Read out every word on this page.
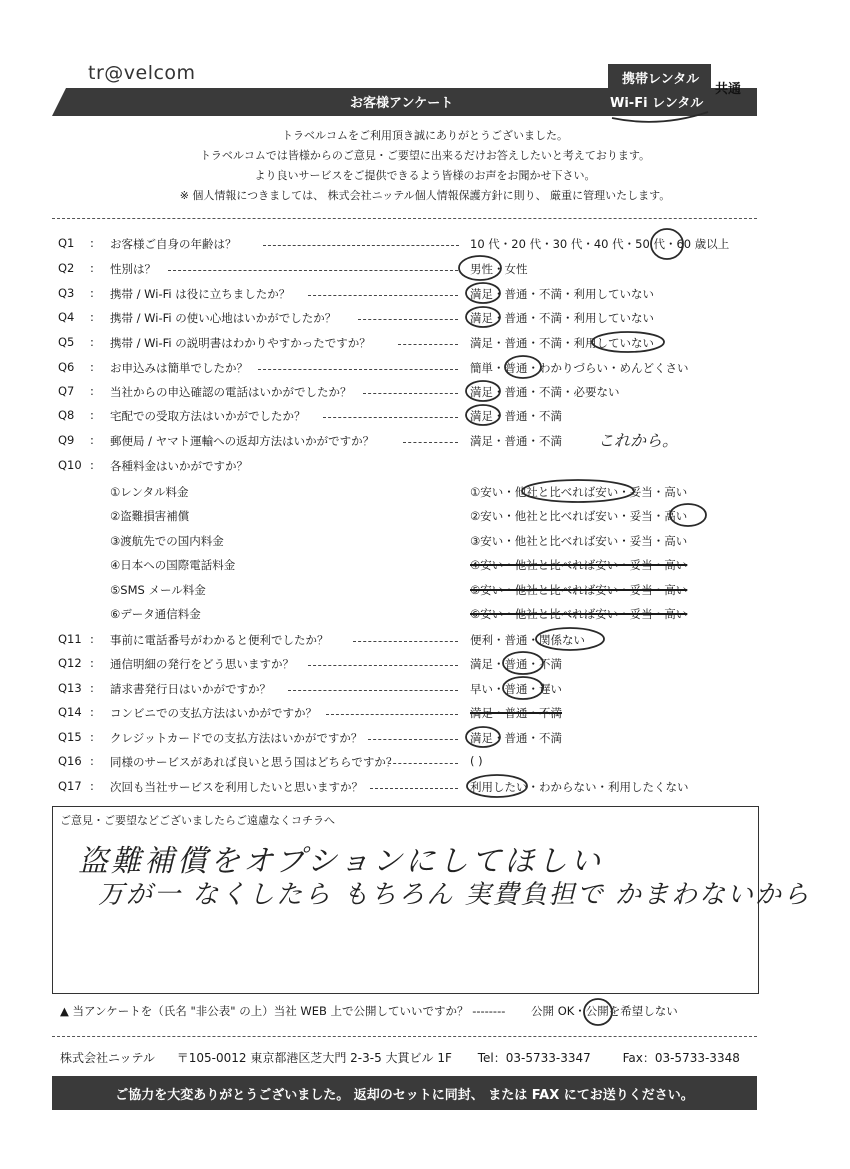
tr@velcom
お客様アンケート
携帯レンタル
Wi-Fi レンタル
共通
トラベルコムをご利用頂き誠にありがとうございました。
トラベルコムでは皆様からのご意見・ご要望に出来るだけお答えしたいと考えております。
より良いサービスをご提供できるよう皆様のお声をお聞かせ下さい。
※ 個人情報につきましては、 株式会社ニッテル個人情報保護方針に則り、 厳重に管理いたします。
Q1 : お客様ご自身の年齢は？	10 代・20 代・30 代・40 代・50 代・60 歳以上
Q2 : 性別は？	男性・女性
Q3 : 携帯 / Wi-Fi は役に立ちましたか？	満足・普通・不満・利用していない
Q4 : 携帯 / Wi-Fi の使い心地はいかがでしたか？	満足・普通・不満・利用していない
Q5 : 携帯 / Wi-Fi の説明書はわかりやすかったですか？	満足・普通・不満・利用していない
Q6 : お申込みは簡単でしたか？	簡単・普通・わかりづらい・めんどくさい
Q7 : 当社からの申込確認の電話はいかがでしたか？	満足・普通・不満・必要ない
Q8 : 宅配での受取方法はいかがでしたか？	満足・普通・不満
Q9 : 郵便局 / ヤマト運輸への返却方法はいかがですか？	満足・普通・不満 これから。
Q10 : 各種料金はいかがですか？
①レンタル料金	①安い・他社と比べれば安い・妥当・高い
②盗難損害補償	②安い・他社と比べれば安い・妥当・高い
③渡航先での国内料金	③安い・他社と比べれば安い・妥当・高い
④日本への国際電話料金	④安い・他社と比べれば安い・妥当・高い
⑤SMS メール料金	⑤安い・他社と比べれば安い・妥当・高い
⑥データ通信料金	⑥安い・他社と比べれば安い・妥当・高い
Q11 : 事前に電話番号がわかると便利でしたか？	便利・普通・関係ない
Q12 : 通信明細の発行をどう思いますか？	満足・普通・不満
Q13 : 請求書発行日はいかがですか？	早い・普通・遅い
Q14 : コンビニでの支払方法はいかがですか？	満足・普通・不満
Q15 : クレジットカードでの支払方法はいかがですか？	満足・普通・不満
Q16 : 同様のサービスがあれば良いと思う国はどちらですか？	( )
Q17 : 次回も当社サービスを利用したいと思いますか？	利用したい・わからない・利用したくない
ご意見・ご要望などございましたらご遠慮なくコチラへ
盗難補償をオプションにしてほしい
万が一 なくしたら もちろん 実費負担で かまわないから
▲ 当アンケートを（氏名 "非公表" の上）当社 WEB 上で公開していいですか？ -------- 公開 OK・公開を希望しない
株式会社ニッテル 〒105-0012 東京都港区芝大門 2-3-5 大貫ビル 1F Tel：03-5733-3347	Fax：03-5733-3348
ご協力を大変ありがとうございました。 返却のセットに同封、 または FAX にてお送りください。
